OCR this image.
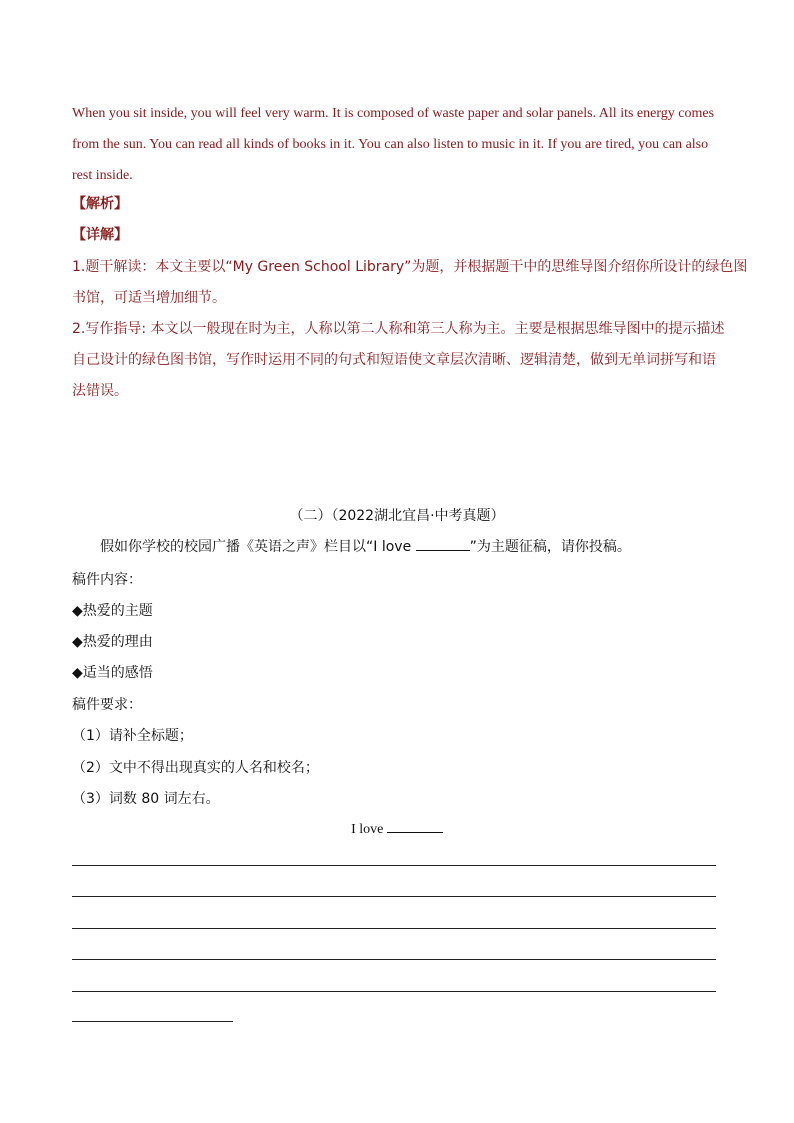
When you sit inside, you will feel very warm. It is composed of waste paper and solar panels. All its energy comes
from the sun. You can read all kinds of books in it. You can also listen to music in it. If you are tired, you can also
rest inside.
【解析】
【详解】
1.题干解读：本文主要以“My Green School Library”为题，并根据题干中的思维导图介绍你所设计的绿色图
书馆，可适当增加细节。
2.写作指导: 本文以一般现在时为主，人称以第二人称和第三人称为主。主要是根据思维导图中的提示描述
自己设计的绿色图书馆，写作时运用不同的句式和短语使文章层次清晰、逻辑清楚，做到无单词拼写和语
法错误。
（二）（2022湖北宜昌·中考真题）
假如你学校的校园广播《英语之声》栏目以“I love	”为主题征稿，请你投稿。
稿件内容：
◆热爱的主题
◆热爱的理由
◆适当的感悟
稿件要求：
（1）请补全标题；
（2）文中不得出现真实的人名和校名；
（3）词数 80 词左右。
I love
